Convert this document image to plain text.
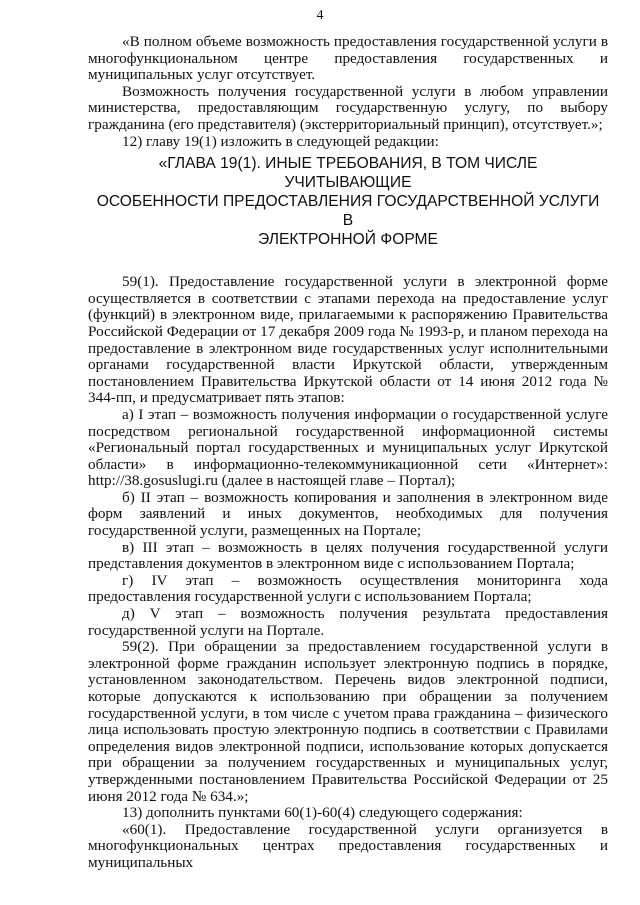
4

«В полном объеме возможность предоставления государственной услуги в многофункциональном центре предоставления государственных и муниципальных услуг отсутствует.

Возможность получения государственной услуги в любом управлении министерства, предоставляющим государственную услугу, по выбору гражданина (его представителя) (экстерриториальный принцип), отсутствует.»;

12) главу 19(1) изложить в следующей редакции:

«ГЛАВА 19(1). ИНЫЕ ТРЕБОВАНИЯ, В ТОМ ЧИСЛЕ УЧИТЫВАЮЩИЕ
ОСОБЕННОСТИ ПРЕДОСТАВЛЕНИЯ ГОСУДАРСТВЕННОЙ УСЛУГИ В
ЭЛЕКТРОННОЙ ФОРМЕ

59(1). Предоставление государственной услуги в электронной форме осуществляется в соответствии с этапами перехода на предоставление услуг (функций) в электронном виде, прилагаемыми к распоряжению Правительства Российской Федерации от 17 декабря 2009 года № 1993-р, и планом перехода на предоставление в электронном виде государственных услуг исполнительными органами государственной власти Иркутской области, утвержденным постановлением Правительства Иркутской области от 14 июня 2012 года № 344-пп, и предусматривает пять этапов:

а) I этап – возможность получения информации о государственной услуге посредством региональной государственной информационной системы «Региональный портал государственных и муниципальных услуг Иркутской области» в информационно-телекоммуникационной сети «Интернет»: http://38.gosuslugi.ru (далее в настоящей главе – Портал);

б) II этап – возможность копирования и заполнения в электронном виде форм заявлений и иных документов, необходимых для получения государственной услуги, размещенных на Портале;

в) III этап – возможность в целях получения государственной услуги представления документов в электронном виде с использованием Портала;

г) IV этап – возможность осуществления мониторинга хода предоставления государственной услуги с использованием Портала;

д) V этап – возможность получения результата предоставления государственной услуги на Портале.

59(2). При обращении за предоставлением государственной услуги в электронной форме гражданин использует электронную подпись в порядке, установленном законодательством. Перечень видов электронной подписи, которые допускаются к использованию при обращении за получением государственной услуги, в том числе с учетом права гражданина – физического лица использовать простую электронную подпись в соответствии с Правилами определения видов электронной подписи, использование которых допускается при обращении за получением государственных и муниципальных услуг, утвержденными постановлением Правительства Российской Федерации от 25 июня 2012 года № 634.»;

13) дополнить пунктами 60(1)-60(4) следующего содержания:

«60(1). Предоставление государственной услуги организуется в многофункциональных центрах предоставления государственных и муниципальных
